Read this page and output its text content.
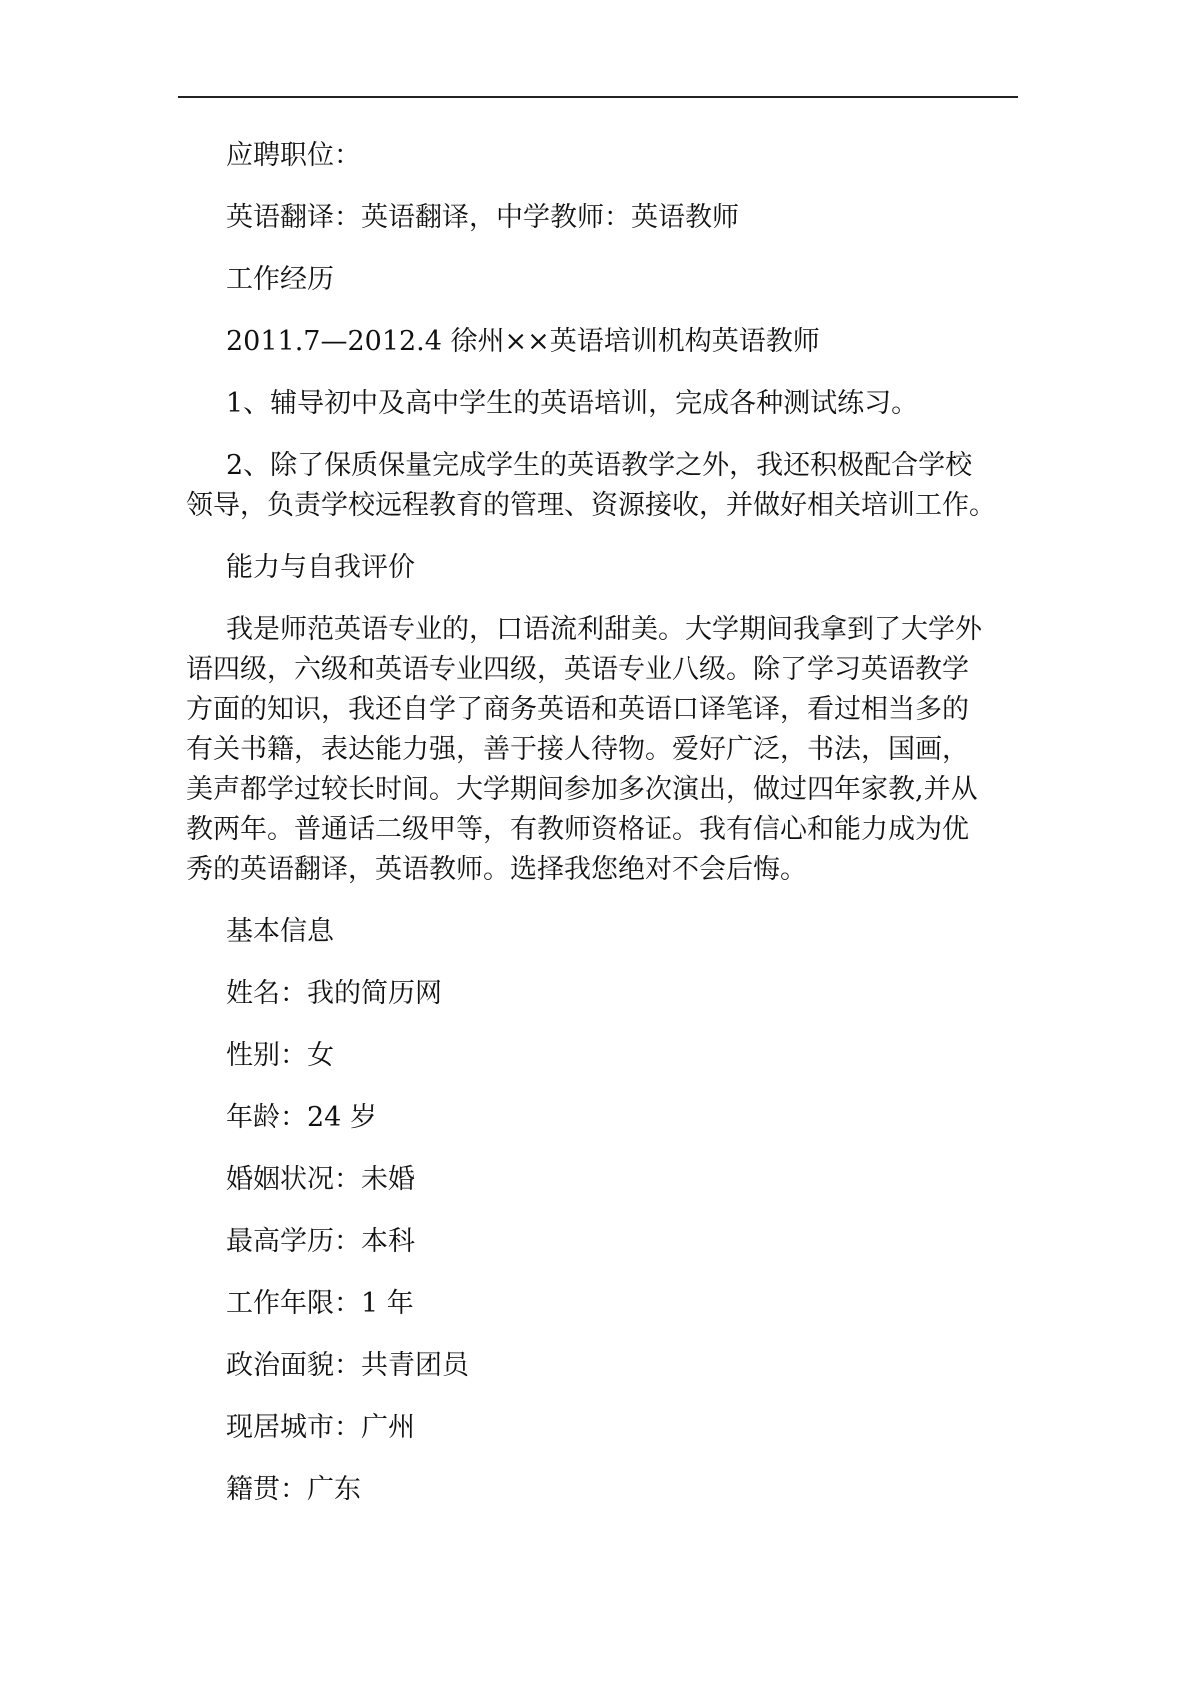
应聘职位：
英语翻译：英语翻译，中学教师：英语教师
工作经历
2011.7—2012.4 徐州××英语培训机构英语教师
1、辅导初中及高中学生的英语培训，完成各种测试练习。
2、除了保质保量完成学生的英语教学之外，我还积极配合学校
领导，负责学校远程教育的管理、资源接收，并做好相关培训工作。
能力与自我评价
我是师范英语专业的，口语流利甜美。大学期间我拿到了大学外
语四级，六级和英语专业四级，英语专业八级。除了学习英语教学
方面的知识，我还自学了商务英语和英语口译笔译，看过相当多的
有关书籍，表达能力强，善于接人待物。爱好广泛，书法，国画，
美声都学过较长时间。大学期间参加多次演出，做过四年家教,并从
教两年。普通话二级甲等，有教师资格证。我有信心和能力成为优
秀的英语翻译，英语教师。选择我您绝对不会后悔。
基本信息
姓名：我的简历网
性别：女
年龄：24 岁
婚姻状况：未婚
最高学历：本科
工作年限：1 年
政治面貌：共青团员
现居城市：广州
籍贯：广东
